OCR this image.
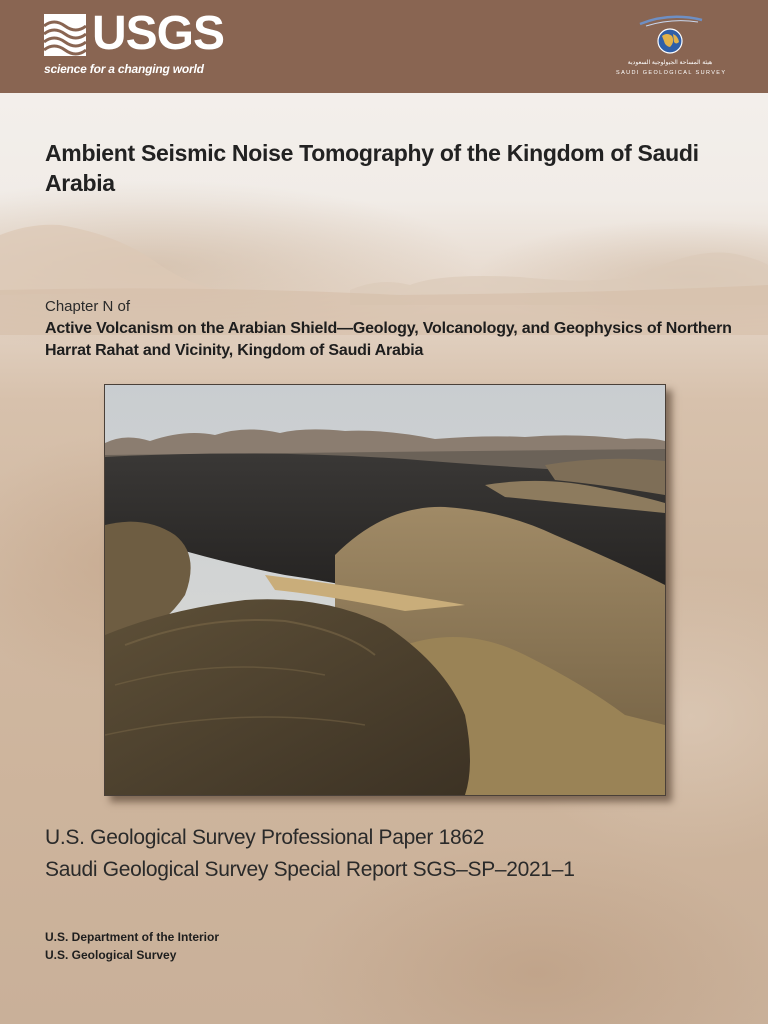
USGS
science for a changing world	هيئة المساحة الجيولوجية السعودية
SAUDI GEOLOGICAL SURVEY
Ambient Seismic Noise Tomography of the Kingdom of Saudi Arabia
Chapter N of
Active Volcanism on the Arabian Shield—Geology, Volcanology, and Geophysics of Northern Harrat Rahat and Vicinity, Kingdom of Saudi Arabia
U.S. Geological Survey Professional Paper 1862
Saudi Geological Survey Special Report SGS–SP–2021–1
U.S. Department of the Interior
U.S. Geological Survey
